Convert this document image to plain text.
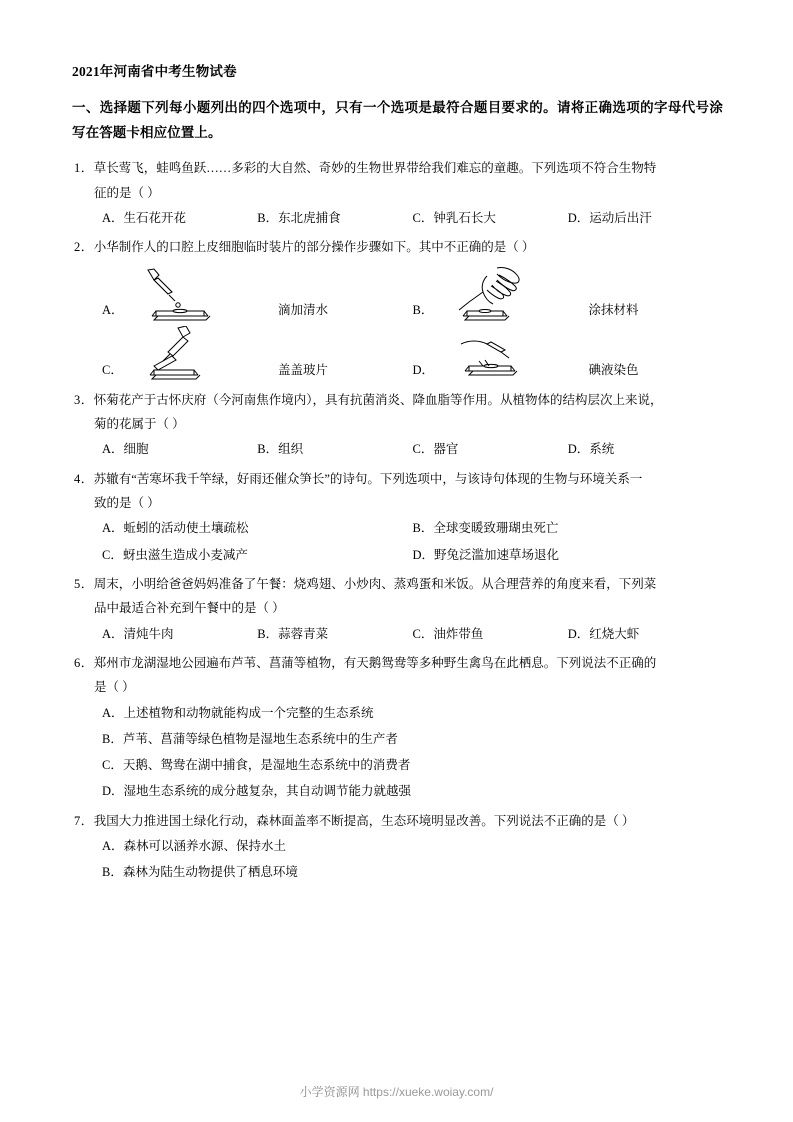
2021年河南省中考生物试卷
一、选择题下列每小题列出的四个选项中，只有一个选项是最符合题目要求的。请将正确选项的字母代号涂写在答题卡相应位置上。
1．草长莺飞，蛙鸣鱼跃……多彩的大自然、奇妙的生物世界带给我们难忘的童趣。下列选项不符合生物特
征的是（ ）
A．生石花开花	B．东北虎捕食	C．钟乳石长大	D．运动后出汗
2．小华制作人的口腔上皮细胞临时装片的部分操作步骤如下。其中不正确的是（ ）
A．	滴加清水	B．	涂抹材料
C．	盖盖玻片	D．	碘液染色
3．怀菊花产于古怀庆府（今河南焦作境内），具有抗菌消炎、降血脂等作用。从植物体的结构层次上来说，
菊的花属于（ ）
A．细胞	B．组织	C．器官	D．系统
4．苏辙有“苦寒坏我千竿绿，好雨还催众笋长”的诗句。下列选项中，与该诗句体现的生物与环境关系一
致的是（ ）
A．蚯蚓的活动使土壤疏松	B．全球变暖致珊瑚虫死亡
C．蚜虫滋生造成小麦减产	D．野兔泛滥加速草场退化
5．周末，小明给爸爸妈妈准备了午餐：烧鸡翅、小炒肉、蒸鸡蛋和米饭。从合理营养的角度来看，下列菜
品中最适合补充到午餐中的是（ ）
A．清炖牛肉	B．蒜蓉青菜	C．油炸带鱼	D．红烧大虾
6．郑州市龙湖湿地公园遍布芦苇、菖蒲等植物，有天鹅鸳鸯等多种野生禽鸟在此栖息。下列说法不正确的
是（ ）
A．上述植物和动物就能构成一个完整的生态系统
B．芦苇、菖蒲等绿色植物是湿地生态系统中的生产者
C．天鹅、鸳鸯在湖中捕食，是湿地生态系统中的消费者
D．湿地生态系统的成分越复杂，其自动调节能力就越强
7．我国大力推进国土绿化行动，森林面盖率不断提高，生态环境明显改善。下列说法不正确的是（ ）
A．森林可以涵养水源、保持水土
B．森林为陆生动物提供了栖息环境
小学资源网 https://xueke.woiay.com/
